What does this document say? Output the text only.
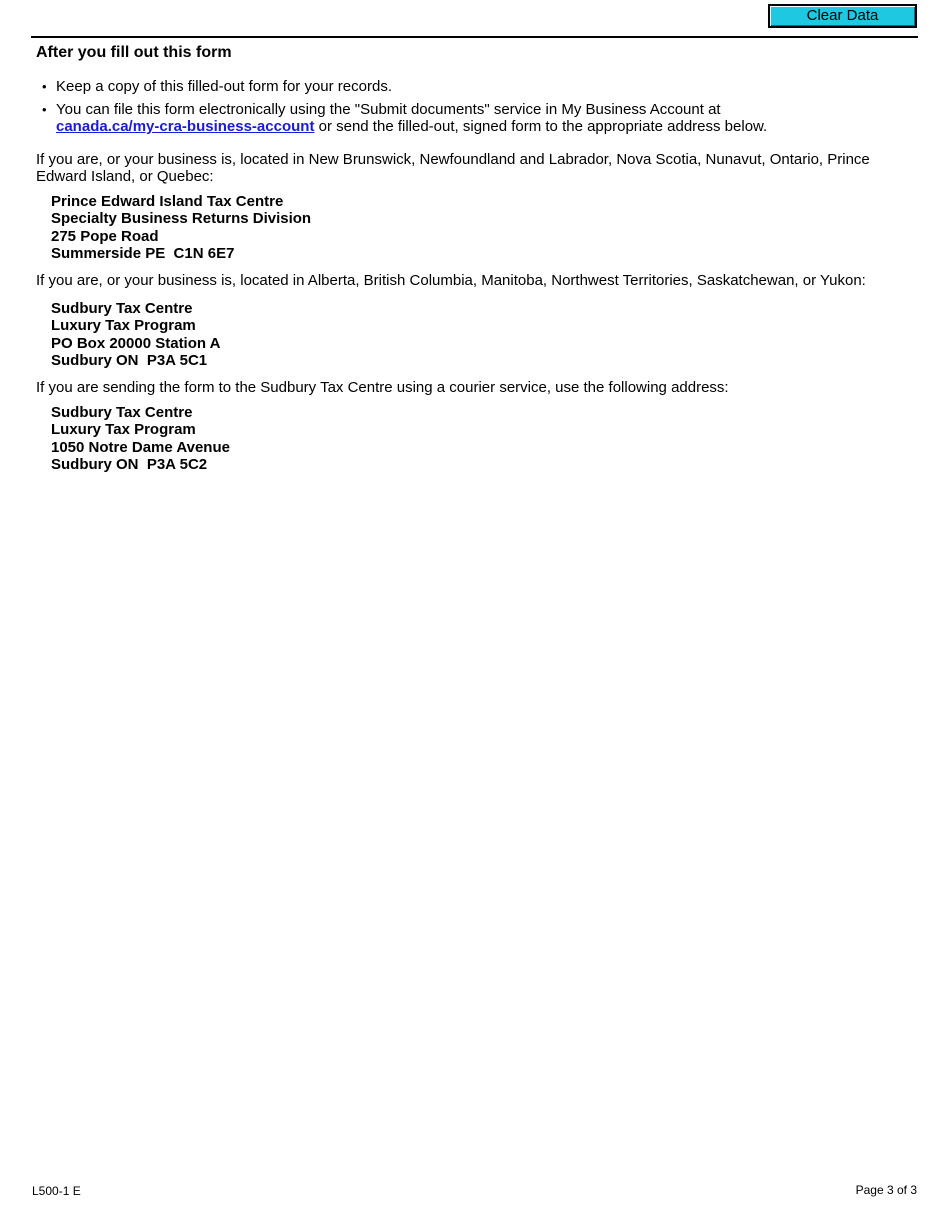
Clear Data
After you fill out this form
• Keep a copy of this filled-out form for your records.
• You can file this form electronically using the "Submit documents" service in My Business Account at
canada.ca/my-cra-business-account or send the filled-out, signed form to the appropriate address below.

If you are, or your business is, located in New Brunswick, Newfoundland and Labrador, Nova Scotia, Nunavut, Ontario, Prince Edward Island, or Quebec:

Prince Edward Island Tax Centre
Specialty Business Returns Division
275 Pope Road
Summerside PE  C1N 6E7

If you are, or your business is, located in Alberta, British Columbia, Manitoba, Northwest Territories, Saskatchewan, or Yukon:

Sudbury Tax Centre
Luxury Tax Program
PO Box 20000 Station A
Sudbury ON  P3A 5C1

If you are sending the form to the Sudbury Tax Centre using a courier service, use the following address:

Sudbury Tax Centre
Luxury Tax Program
1050 Notre Dame Avenue
Sudbury ON  P3A 5C2
L500-1 E	Page 3 of 3
